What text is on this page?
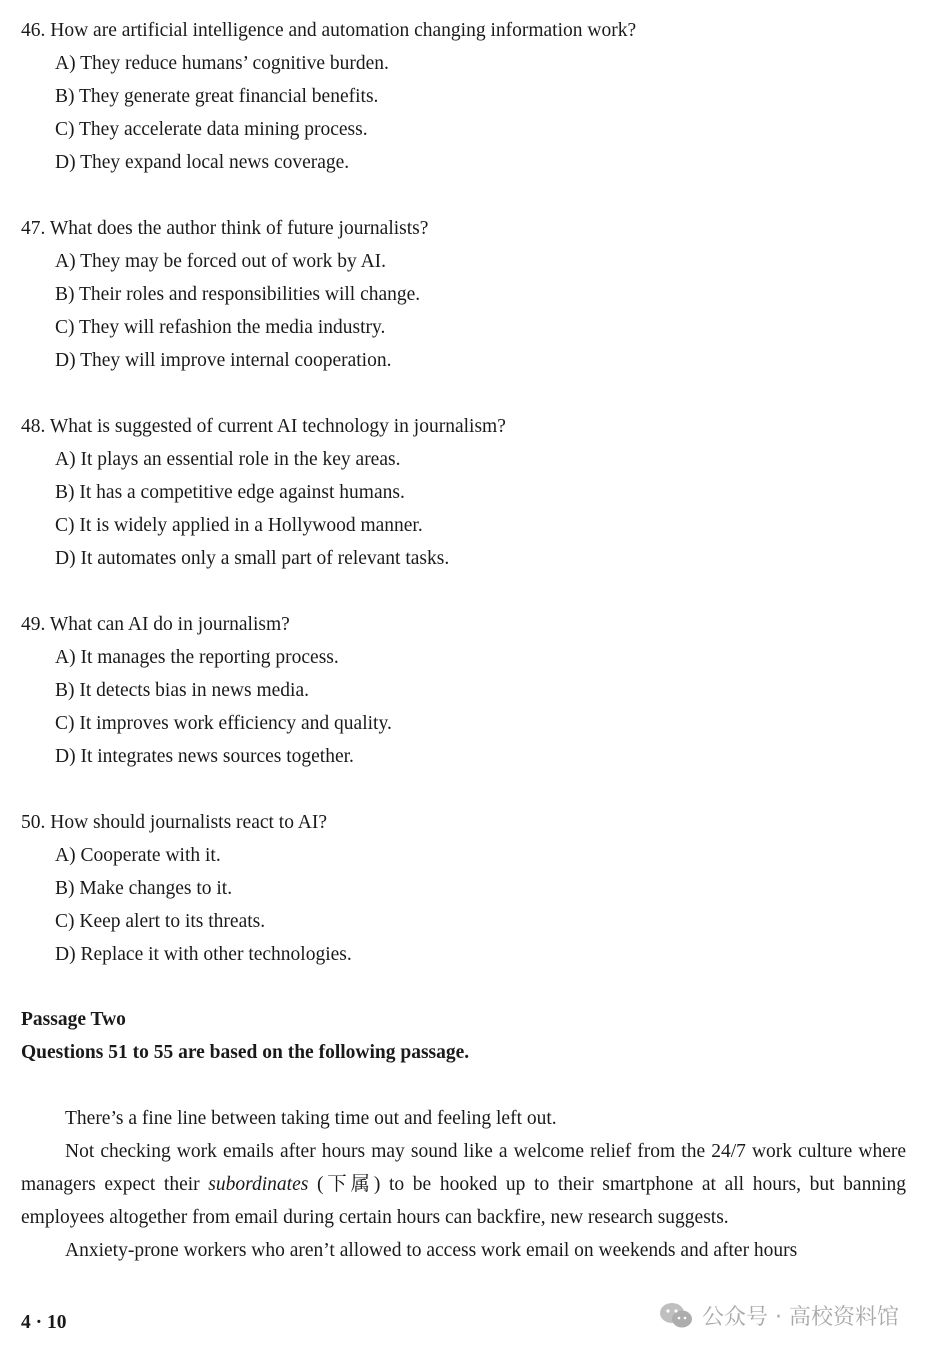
46. How are artificial intelligence and automation changing information work?
A) They reduce humans’ cognitive burden.
B) They generate great financial benefits.
C) They accelerate data mining process.
D) They expand local news coverage.
47. What does the author think of future journalists?
A) They may be forced out of work by AI.
B) Their roles and responsibilities will change.
C) They will refashion the media industry.
D) They will improve internal cooperation.
48. What is suggested of current AI technology in journalism?
A) It plays an essential role in the key areas.
B) It has a competitive edge against humans.
C) It is widely applied in a Hollywood manner.
D) It automates only a small part of relevant tasks.
49. What can AI do in journalism?
A) It manages the reporting process.
B) It detects bias in news media.
C) It improves work efficiency and quality.
D) It integrates news sources together.
50. How should journalists react to AI?
A) Cooperate with it.
B) Make changes to it.
C) Keep alert to its threats.
D) Replace it with other technologies.
Passage Two
Questions 51 to 55 are based on the following passage.

There’s a fine line between taking time out and feeling left out.

Not checking work emails after hours may sound like a welcome relief from the 24/7 work culture where managers expect their subordinates (下属) to be hooked up to their smartphone at all hours, but banning employees altogether from email during certain hours can backfire, new research suggests.

Anxiety-prone workers who aren’t allowed to access work email on weekends and after hours

4 · 10	公众号 · 高校资料馆
